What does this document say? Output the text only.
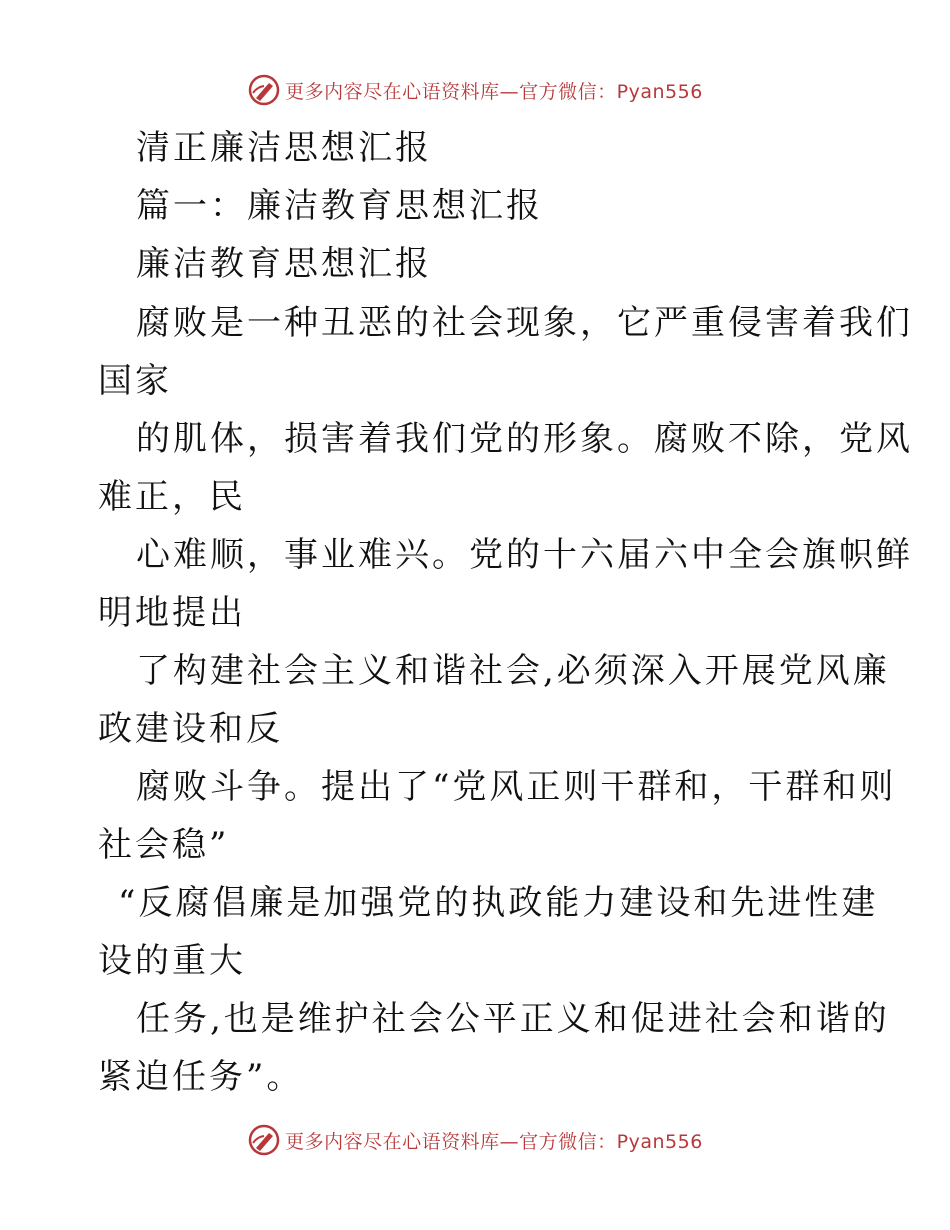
更多内容尽在心语资料库—官方微信：Pyan556
清正廉洁思想汇报
篇一：廉洁教育思想汇报
廉洁教育思想汇报
腐败是一种丑恶的社会现象，它严重侵害着我们
国家
的肌体，损害着我们党的形象。腐败不除，党风
难正，民
心难顺，事业难兴。党的十六届六中全会旗帜鲜
明地提出
了构建社会主义和谐社会,必须深入开展党风廉
政建设和反
腐败斗争。提出了“党风正则干群和，干群和则
社会稳”
“反腐倡廉是加强党的执政能力建设和先进性建
设的重大
任务,也是维护社会公平正义和促进社会和谐的
紧迫任务”。
更多内容尽在心语资料库—官方微信：Pyan556
